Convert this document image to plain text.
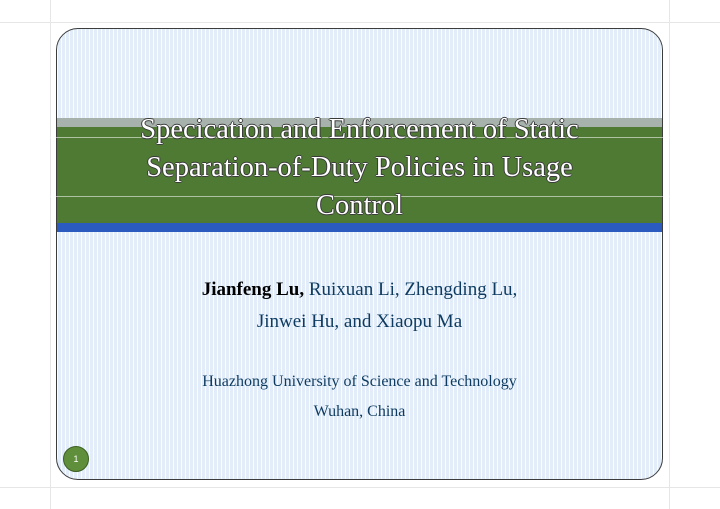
Specication and Enforcement of Static
Separation-of-Duty Policies in Usage
Control
Jianfeng Lu, Ruixuan Li, Zhengding Lu,
Jinwei Hu, and Xiaopu Ma
Huazhong University of Science and Technology
Wuhan, China
1
